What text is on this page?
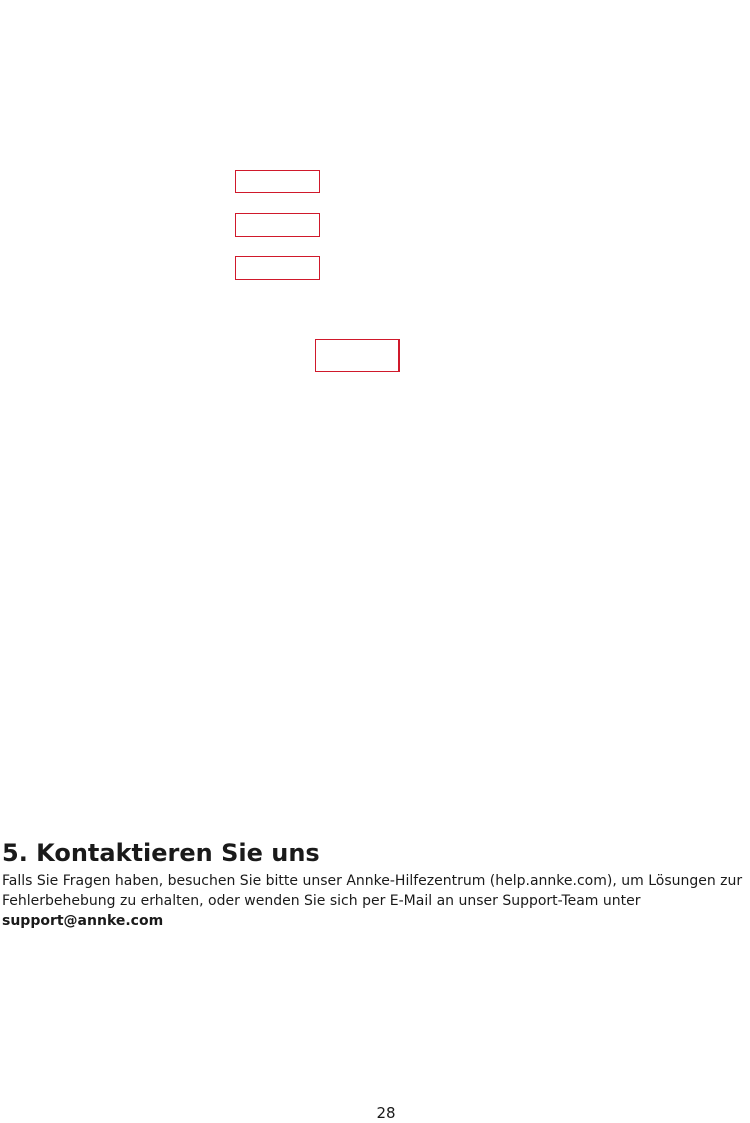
5. Kontaktieren Sie uns

Falls Sie Fragen haben, besuchen Sie bitte unser Annke-Hilfezentrum (help.annke.com), um Lösungen zur
Fehlerbehebung zu erhalten, oder wenden Sie sich per E-Mail an unser Support-Team unter
support@annke.com

28
